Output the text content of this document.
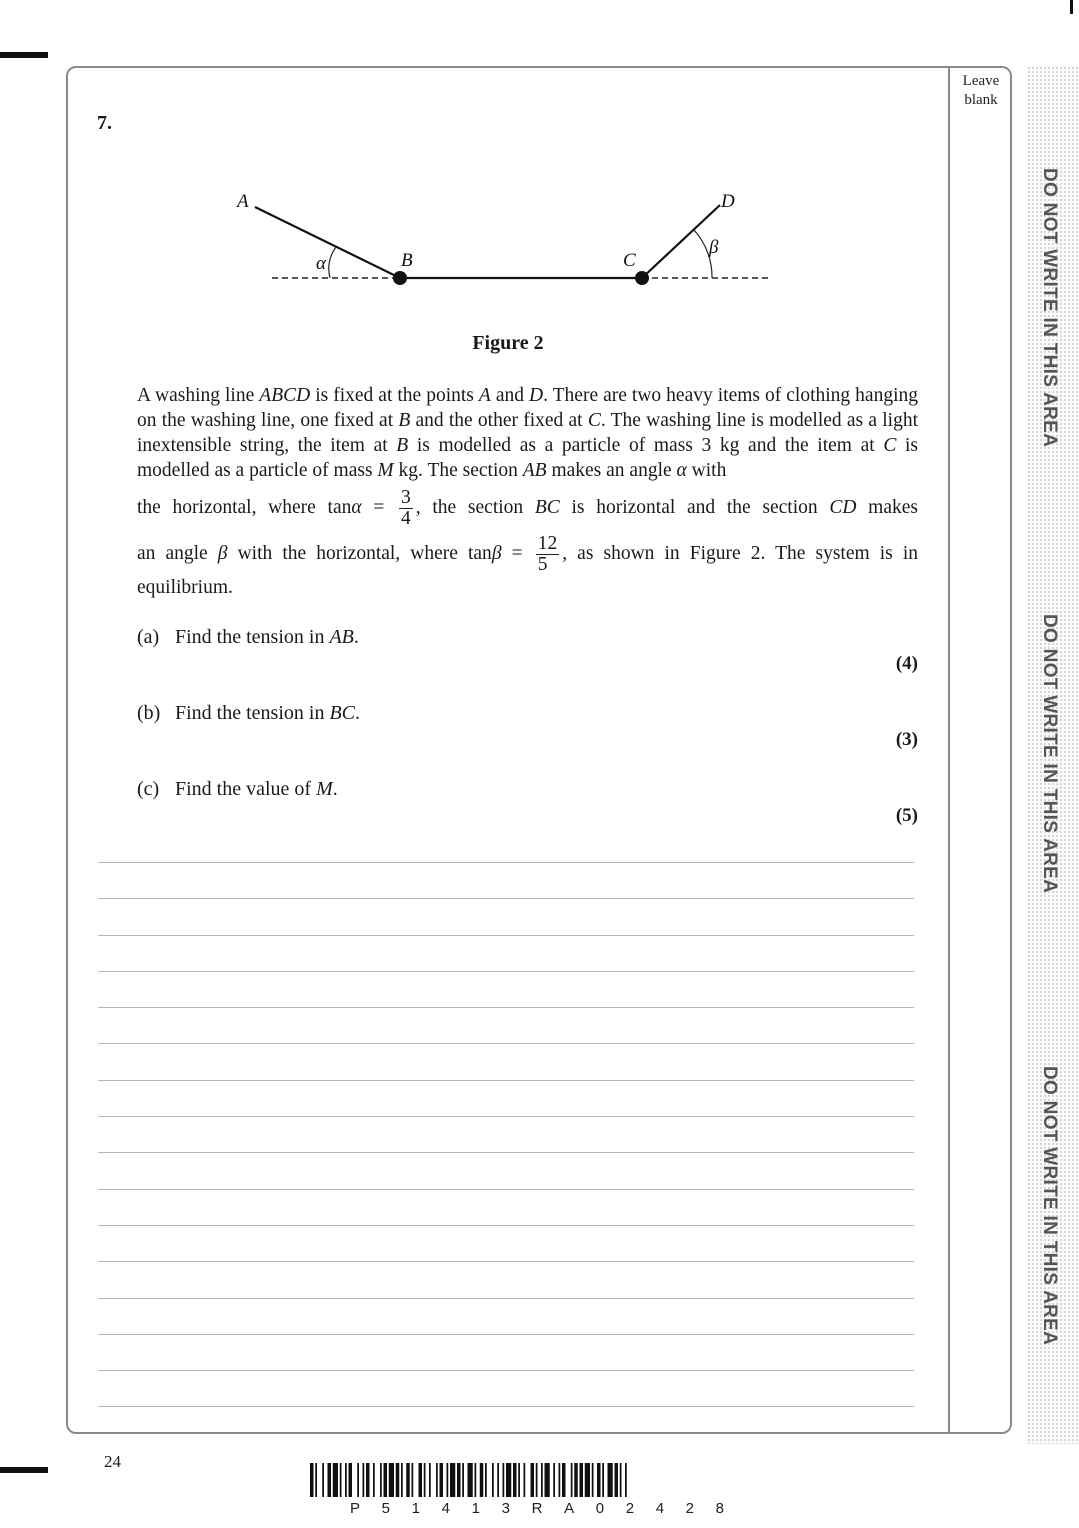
Leave
blank
7.
A
B	C
D
α
β
Figure 2
A washing line ABCD is fixed at the points A and D. There are two heavy items of clothing hanging on the washing line, one fixed at B and the other fixed at C. The washing line is modelled as a light inextensible string, the item at B is modelled as a particle of mass 3 kg and the item at C is modelled as a particle of mass M kg. The section AB makes an angle α with
the horizontal, where $\tan\alpha = \frac{3}{4}$ , the section BC is horizontal and the section CD makes
an angle β with the horizontal, where $\tan\beta = \frac{12}{5}$ , as shown in Figure 2. The system is in
equilibrium.
(a) Find the tension in AB.
(4)
(b) Find the tension in BC.
(3)
(c) Find the value of M.
(5)
DO NOT WRITE IN THIS AREA
DO NOT WRITE IN THIS AREA
DO NOT WRITE IN THIS AREA
24
P 5 1 4 1 3 R A 0 2 4 2 8
